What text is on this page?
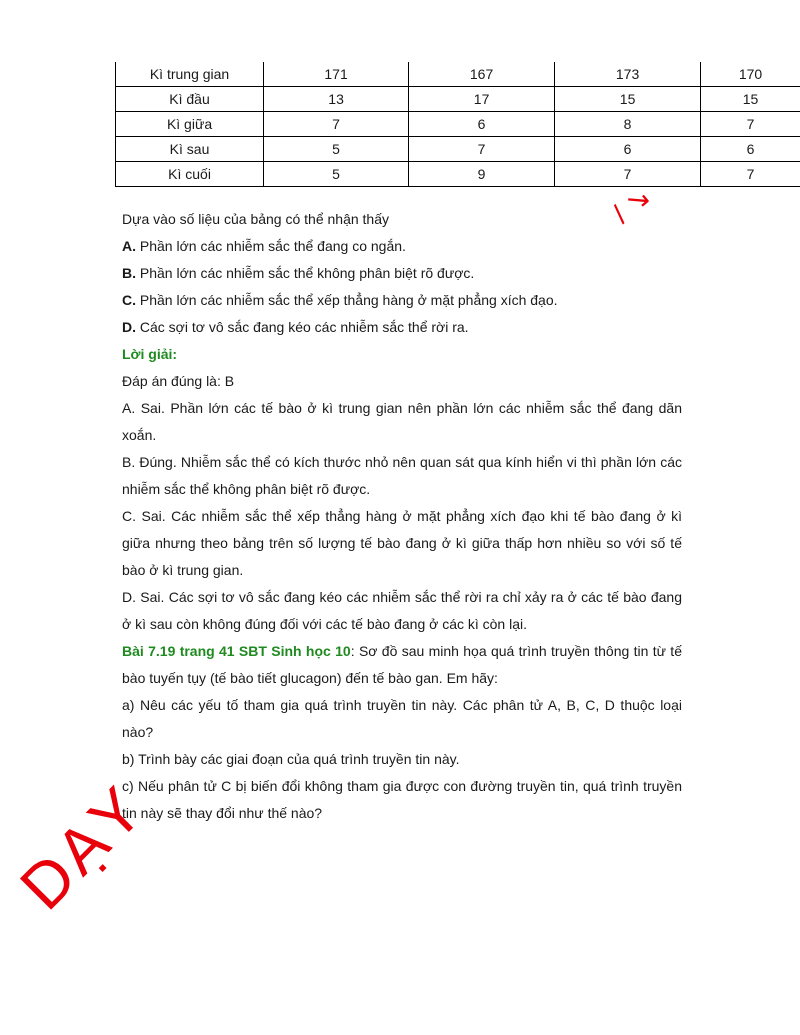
Kì trung gian	171	167	173	170
Kì đầu	13	17	15	15
Kì giữa	7	6	8	7
Kì sau	5	7	6	6
Kì cuối	5	9	7	7

Dựa vào số liệu của bảng có thể nhận thấy

A. Phần lớn các nhiễm sắc thể đang co ngắn.

B. Phần lớn các nhiễm sắc thể không phân biệt rõ được.

C. Phần lớn các nhiễm sắc thể xếp thẳng hàng ở mặt phẳng xích đạo.

D. Các sợi tơ vô sắc đang kéo các nhiễm sắc thể rời ra.

Lời giải:

Đáp án đúng là: B

A. Sai. Phần lớn các tế bào ở kì trung gian nên phần lớn các nhiễm sắc thể đang dãn xoắn.

B. Đúng. Nhiễm sắc thể có kích thước nhỏ nên quan sát qua kính hiển vi thì phần lớn các nhiễm sắc thể không phân biệt rõ được.

C. Sai. Các nhiễm sắc thể xếp thẳng hàng ở mặt phẳng xích đạo khi tế bào đang ở kì giữa nhưng theo bảng trên số lượng tế bào đang ở kì giữa thấp hơn nhiều so với số tế bào ở kì trung gian.

D. Sai. Các sợi tơ vô sắc đang kéo các nhiễm sắc thể rời ra chỉ xảy ra ở các tế bào đang ở kì sau còn không đúng đối với các tế bào đang ở các kì còn lại.

Bài 7.19 trang 41 SBT Sinh học 10: Sơ đồ sau minh họa quá trình truyền thông tin từ tế bào tuyến tụy (tế bào tiết glucagon) đến tế bào gan. Em hãy:

a) Nêu các yếu tố tham gia quá trình truyền tin này. Các phân tử A, B, C, D thuộc loại nào?

b) Trình bày các giai đoạn của quá trình truyền tin này.

c) Nếu phân tử C bị biến đổi không tham gia được con đường truyền tin, quá trình truyền tin này sẽ thay đổi như thế nào?

DẠY
/ ↘
